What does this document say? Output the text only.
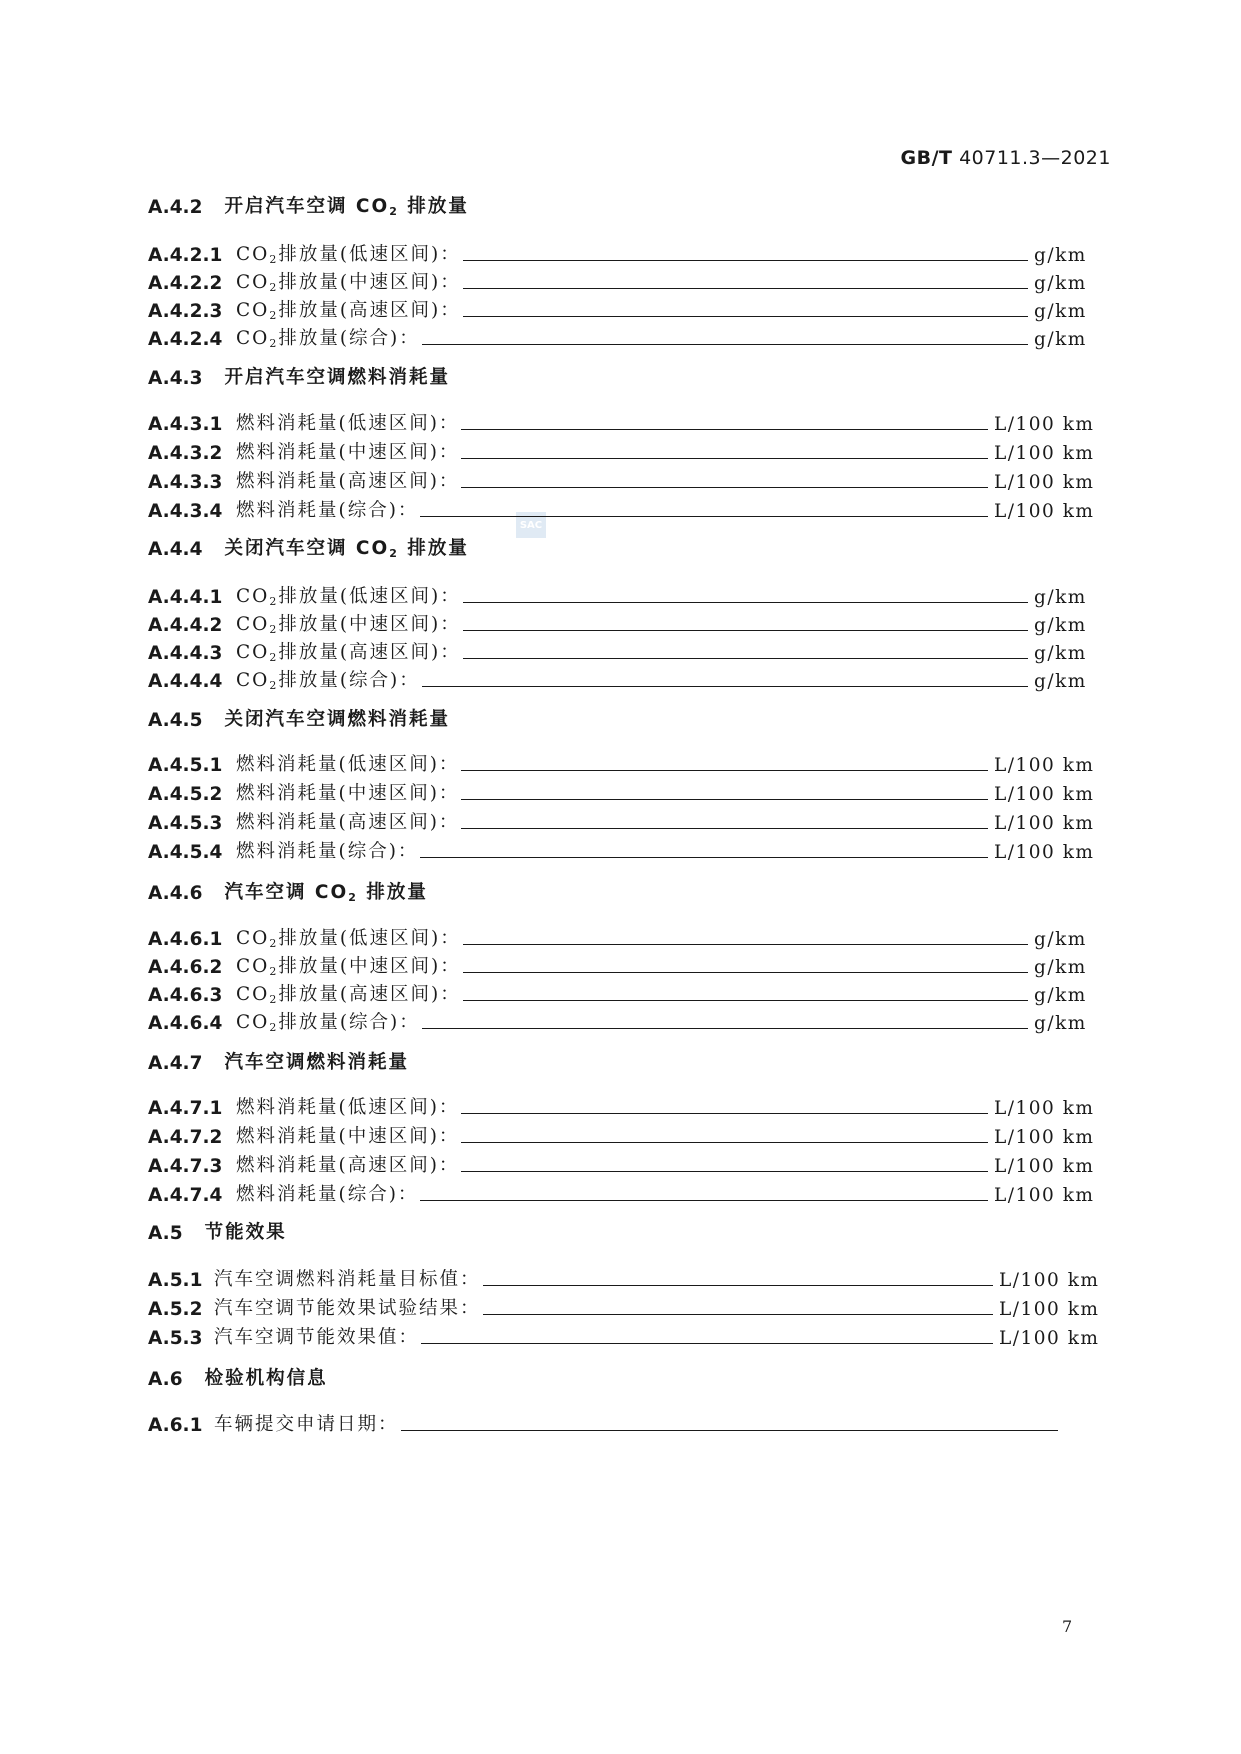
GB/T 40711.3—2021
SAC
A.4.2 开启汽车空调 $CO_2$ 排放量
A.4.2.1 $CO_2$排放量(低速区间)：	g/km
A.4.2.2 $CO_2$排放量(中速区间)：	g/km
A.4.2.3 $CO_2$排放量(高速区间)：	g/km
A.4.2.4 $CO_2$排放量(综合)：	g/km
A.4.3 开启汽车空调燃料消耗量
A.4.3.1 燃料消耗量(低速区间)：	L/100 km
A.4.3.2 燃料消耗量(中速区间)：	L/100 km
A.4.3.3 燃料消耗量(高速区间)：	L/100 km
A.4.3.4 燃料消耗量(综合)：	L/100 km
A.4.4 关闭汽车空调 $CO_2$ 排放量
A.4.4.1 $CO_2$排放量(低速区间)：	g/km
A.4.4.2 $CO_2$排放量(中速区间)：	g/km
A.4.4.3 $CO_2$排放量(高速区间)：	g/km
A.4.4.4 $CO_2$排放量(综合)：	g/km
A.4.5 关闭汽车空调燃料消耗量
A.4.5.1 燃料消耗量(低速区间)：	L/100 km
A.4.5.2 燃料消耗量(中速区间)：	L/100 km
A.4.5.3 燃料消耗量(高速区间)：	L/100 km
A.4.5.4 燃料消耗量(综合)：	L/100 km
A.4.6 汽车空调 $CO_2$ 排放量
A.4.6.1 $CO_2$排放量(低速区间)：	g/km
A.4.6.2 $CO_2$排放量(中速区间)：	g/km
A.4.6.3 $CO_2$排放量(高速区间)：	g/km
A.4.6.4 $CO_2$排放量(综合)：	g/km
A.4.7 汽车空调燃料消耗量
A.4.7.1 燃料消耗量(低速区间)：	L/100 km
A.4.7.2 燃料消耗量(中速区间)：	L/100 km
A.4.7.3 燃料消耗量(高速区间)：	L/100 km
A.4.7.4 燃料消耗量(综合)：	L/100 km
A.5 节能效果
A.5.1 汽车空调燃料消耗量目标值：	L/100 km
A.5.2 汽车空调节能效果试验结果：	L/100 km
A.5.3 汽车空调节能效果值：	L/100 km
A.6 检验机构信息
A.6.1 车辆提交申请日期：
7
